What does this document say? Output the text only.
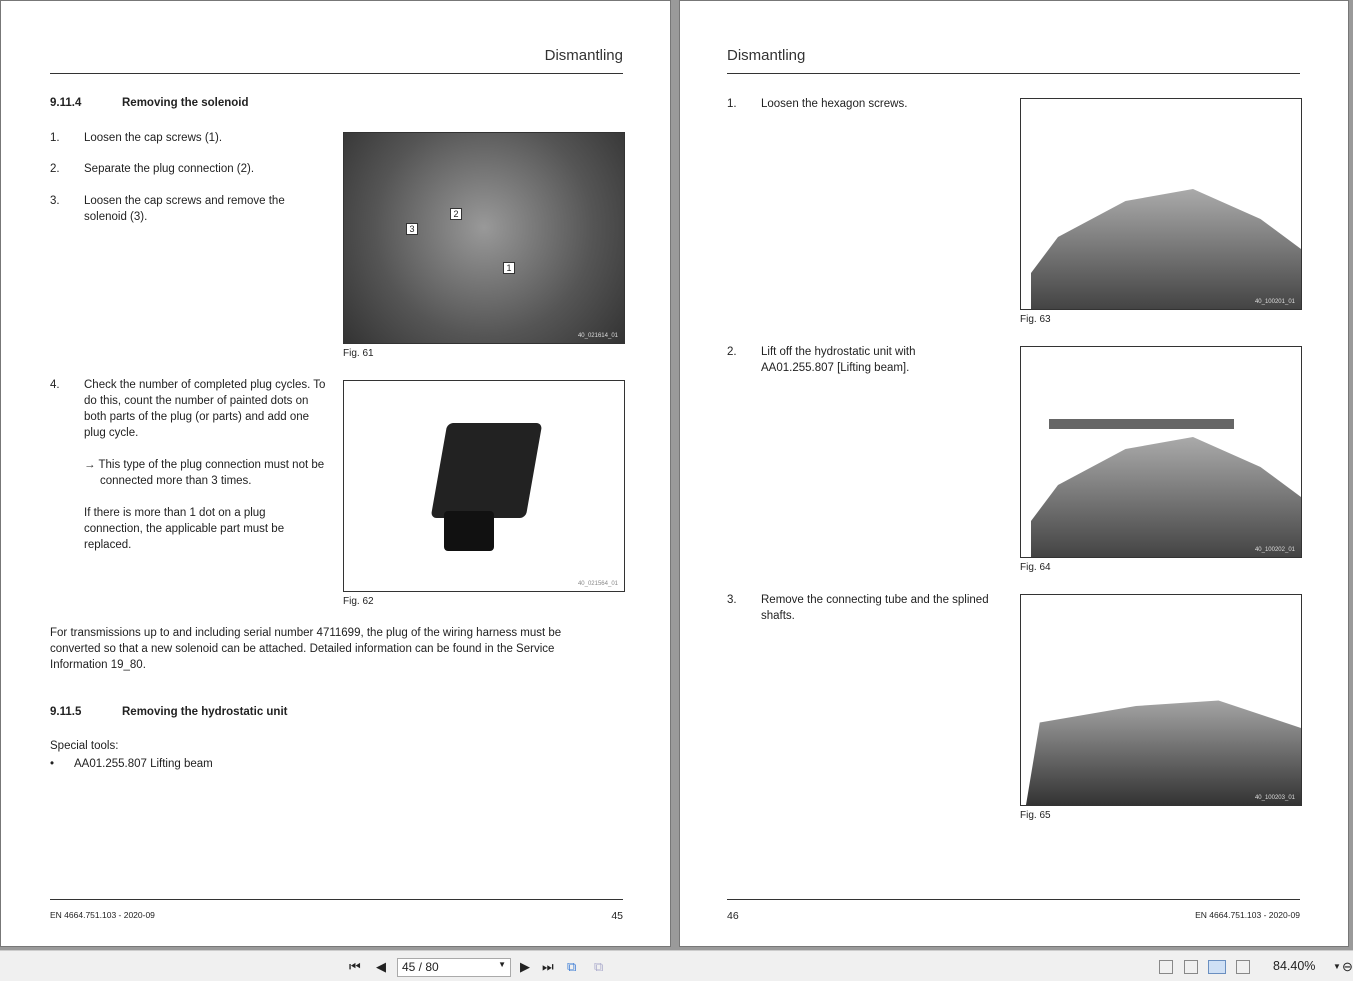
Dismantling
9.11.4	Removing the solenoid
1. Loosen the cap screws (1).
2. Separate the plug connection (2).
3. Loosen the cap screws and remove the solenoid (3).
3
2
1
40_021614_01
Fig. 61
4. Check the number of completed plug cycles. To do this, count the number of painted dots on both parts of the plug (or parts) and add one plug cycle.
→ This type of the plug connection must not be connected more than 3 times.
If there is more than 1 dot on a plug connection, the applicable part must be replaced.
40_021564_01
Fig. 62
For transmissions up to and including serial number 4711699, the plug of the wiring harness must be converted so that a new solenoid can be attached. Detailed information can be found in the Service Information 19_80.
9.11.5	Removing the hydrostatic unit
Special tools:
• AA01.255.807 Lifting beam
EN 4664.751.103 - 2020-09	45
Dismantling
1. Loosen the hexagon screws.
40_100201_01
Fig. 63
2. Lift off the hydrostatic unit with AA01.255.807 [Lifting beam].
40_100202_01
Fig. 64
3. Remove the connecting tube and the splined shafts.
40_100203_01
Fig. 65
46	EN 4664.751.103 - 2020-09
⏮ ◀	45 / 80	▼ ▶ ⏭ ⧉ ⧉	84.40% ▼ ⊖
